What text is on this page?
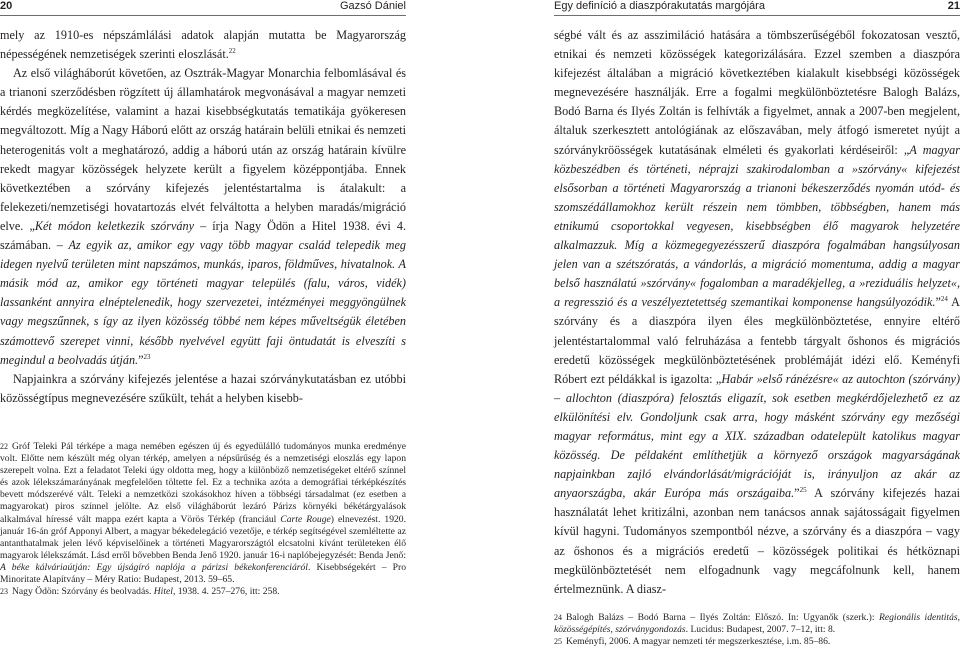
20	Gazsó Dániel

mely az 1910-es népszámlálási adatok alapján mutatta be Magyarország népességének nemzetiségek szerinti eloszlását.$^{22}$

Az első világháborút követően, az Osztrák-Magyar Monarchia felbomlásával és a trianoni szerződésben rögzített új államhatárok megvonásával a magyar nemzeti kérdés megközelítése, valamint a hazai kisebbségkutatás tematikája gyökeresen megváltozott. Míg a Nagy Háború előtt az ország határain belüli etnikai és nemzeti heterogenitás volt a meghatározó, addig a háború után az ország határain kívülre rekedt magyar közösségek helyzete került a figyelem középpontjába. Ennek következtében a szórvány kifejezés jelentéstartalma is átalakult: a felekezeti/nemzetiségi hovatartozás elvét felváltotta a helyben maradás/migráció elve. „Két módon keletkezik szórvány – írja Nagy Ödön a Hitel 1938. évi 4. számában. – Az egyik az, amikor egy vagy több magyar család telepedik meg idegen nyelvű területen mint napszámos, munkás, iparos, földműves, hivatalnok. A másik mód az, amikor egy történeti magyar település (falu, város, vidék) lassanként annyira elnéptelenedik, hogy szervezetei, intézményei meggyöngülnek vagy megszűnnek, s így az ilyen közösség többé nem képes műveltségük életében számottevő szerepet vinni, később nyelvével együtt faji öntudatát is elveszíti s megindul a beolvadás útján.”$^{23}$

Napjainkra a szórvány kifejezés jelentése a hazai szórványkutatásban ez utóbbi közösségtípus megnevezésére szűkült, tehát a helyben kisebb-

22 Gróf Teleki Pál térképe a maga nemében egészen új és egyedülálló tudományos munka eredménye volt. Előtte nem készült még olyan térkép, amelyen a népsűrűség és a nemzetiségi eloszlás egy lapon szerepelt volna. Ezt a feladatot Teleki úgy oldotta meg, hogy a különböző nemzetiségeket eltérő színnel és azok lélekszámarányának megfelelően töltette fel. Ez a technika azóta a demográfiai térképkészítés bevett módszerévé vált. Teleki a nemzetközi szokásokhoz híven a többségi társadalmat (ez esetben a magyarokat) piros színnel jelölte. Az első világháborút lezáró Párizs környéki békétárgyalások alkalmával híressé vált mappa ezért kapta a Vörös Térkép (franciául Carte Rouge) elnevezést. 1920. január 16-án gróf Apponyi Albert, a magyar békedelegáció vezetője, e térkép segítségével szemléltette az antanthatalmak jelen lévő képviselőinek a történeti Magyarországtól elcsatolni kívánt területeken élő magyarok lélekszámát. Lásd erről bővebben Benda Jenő 1920. január 16-i naplóbejegyzését: Benda Jenő: A béke kálváriaútján: Egy újságíró naplója a párizsi békekonferenciáról. Kisebbségekért – Pro Minoritate Alapítvány – Méry Ratio: Budapest, 2013. 59–65.

23 Nagy Ödön: Szórvány és beolvadás. Hitel, 1938. 4. 257–276, itt: 258.

Egy definíció a diaszpórakutatás margójára	21

ségbé vált és az asszimiláció hatására a tömbszerűségéből fokozatosan vesztő, etnikai és nemzeti közösségek kategorizálására. Ezzel szemben a diaszpóra kifejezést általában a migráció következtében kialakult kisebbségi közösségek megnevezésére használják. Erre a fogalmi megkülönböztetésre Balogh Balázs, Bodó Barna és Ilyés Zoltán is felhívták a figyelmet, annak a 2007-ben megjelent, általuk szerkesztett antológiának az előszavában, mely átfogó ismeretet nyújt a szórványkröösségek kutatásának elméleti és gyakorlati kérdéseiről: „A magyar közbeszédben és történeti, néprajzi szakirodalomban a »szórvány« kifejezést elsősorban a történeti Magyarország a trianoni békeszerződés nyomán utód- és szomszédállamokhoz került részein nem tömbben, többségben, hanem más etnikumú csoportokkal vegyesen, kisebbségben élő magyarok helyzetére alkalmazzuk. Míg a közmegegyezésszerű diaszpóra fogalmában hangsúlyosan jelen van a szétszóratás, a vándorlás, a migráció momentuma, addig a magyar belső használatú »szórvány« fogalomban a maradékjelleg, a »reziduális helyzet«, a regresszió és a veszélyeztetettség szemantikai komponense hangsúlyozódik.”$^{24}$ A szórvány és a diaszpóra ilyen éles megkülönböztetése, ennyire eltérő jelentéstartalommal való felruházása a fentebb tárgyalt őshonos és migrációs eredetű közösségek megkülönböztetésének problémáját idézi elő. Keményfi Róbert ezt példákkal is igazolta: „Habár »első ránézésre« az autochton (szórvány) – allochton (diaszpóra) felosztás eligazít, sok esetben megkérdőjelezhető ez az elkülönítési elv. Gondoljunk csak arra, hogy másként szórvány egy mezőségi magyar református, mint egy a XIX. században odatelepült katolikus magyar közösség. De példaként említhetjük a környező országok magyarságának napjainkban zajló elvándorlását/migrációját is, irányuljon az akár az anyaországba, akár Európa más országaiba.”$^{25}$ A szórvány kifejezés hazai használatát lehet kritizálni, azonban nem tanácsos annak sajátosságait figyelmen kívül hagyni. Tudományos szempontból nézve, a szórvány és a diaszpóra – vagy az őshonos és a migrációs eredetű – közösségek politikai és hétköznapi megkülönböztetését nem elfogadnunk vagy megcáfolnunk kell, hanem értelmeznünk. A diasz-

24 Balogh Balázs – Bodó Barna – Ilyés Zoltán: Előszó. In: Ugyanők (szerk.): Regionális identitás, közösségépítés, szórványgondozás. Lucidus: Budapest, 2007. 7–12, itt: 8.

25 Keményfi, 2006. A magyar nemzeti tér megszerkesztése, i.m. 85–86.
